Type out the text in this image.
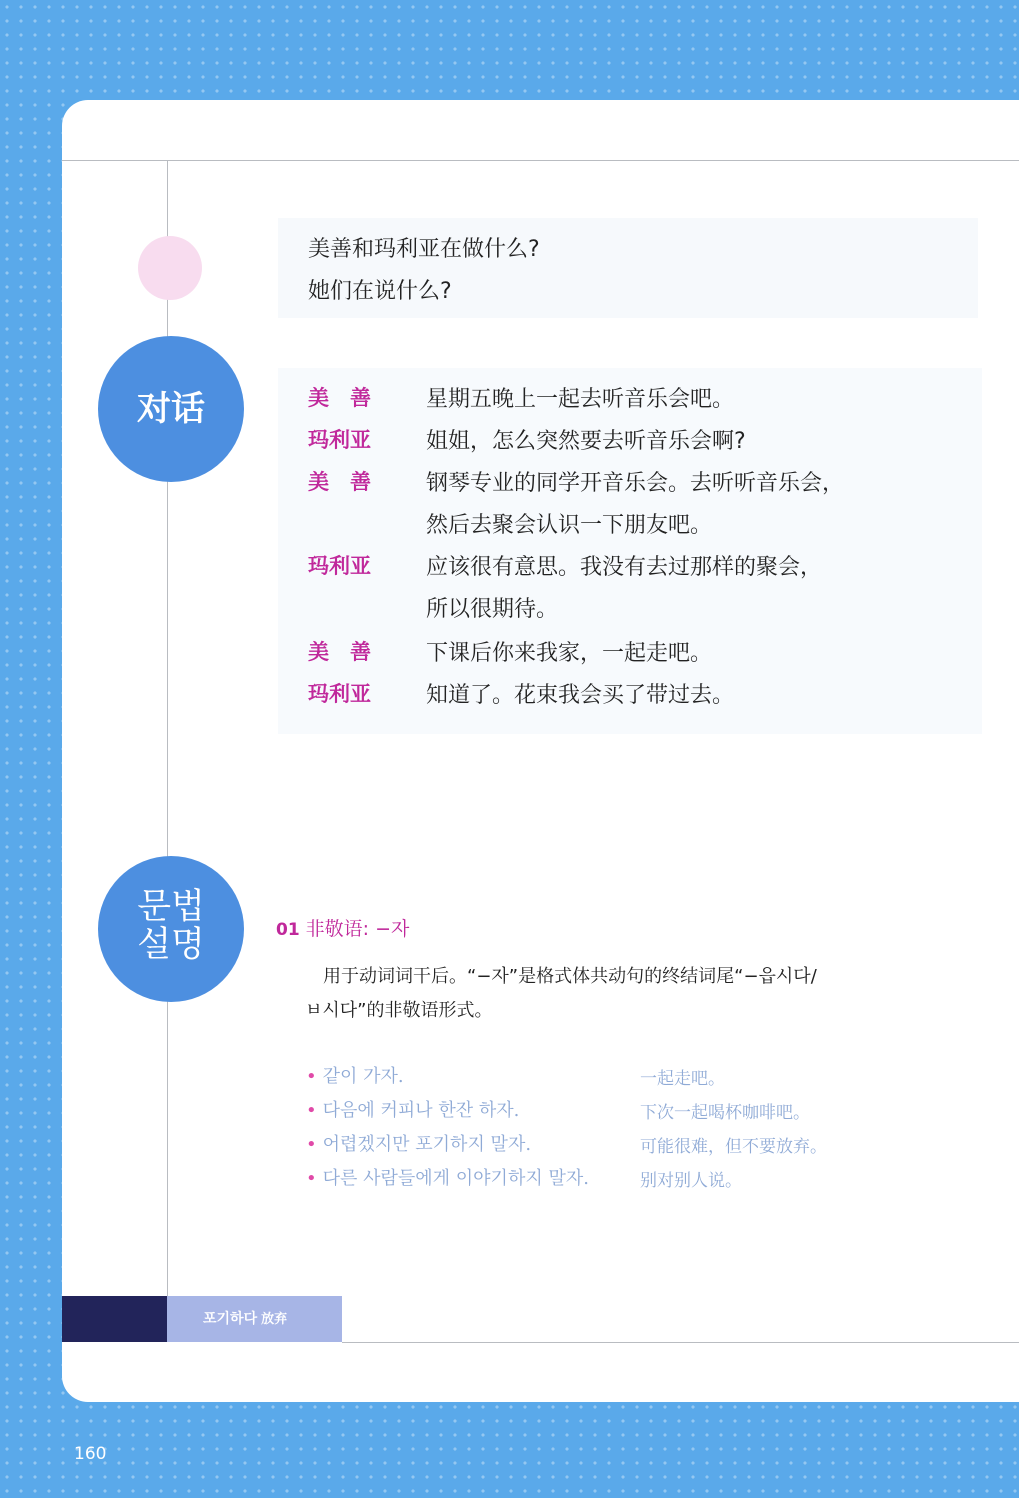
美善和玛利亚在做什么?
她们在说什么?
对话	美　善	星期五晚上一起去听音乐会吧。
玛利亚	姐姐，怎么突然要去听音乐会啊?
美　善	钢琴专业的同学开音乐会。去听听音乐会，
然后去聚会认识一下朋友吧。
玛利亚	应该很有意思。我没有去过那样的聚会，
所以很期待。
美　善	下课后你来我家，一起走吧。
玛利亚	知道了。花束我会买了带过去。
문법
설명	01 非敬语: −자
　用于动词词干后。“−자”是格式体共动句的终结词尾“−읍시다/
ㅂ시다”的非敬语形式。
• 같이 가자.	一起走吧。
• 다음에 커피나 한잔 하자.	下次一起喝杯咖啡吧。
• 어렵겠지만 포기하지 말자.	可能很难，但不要放弃。
• 다른 사람들에게 이야기하지 말자.	别对别人说。
포기하다 放弃
160
